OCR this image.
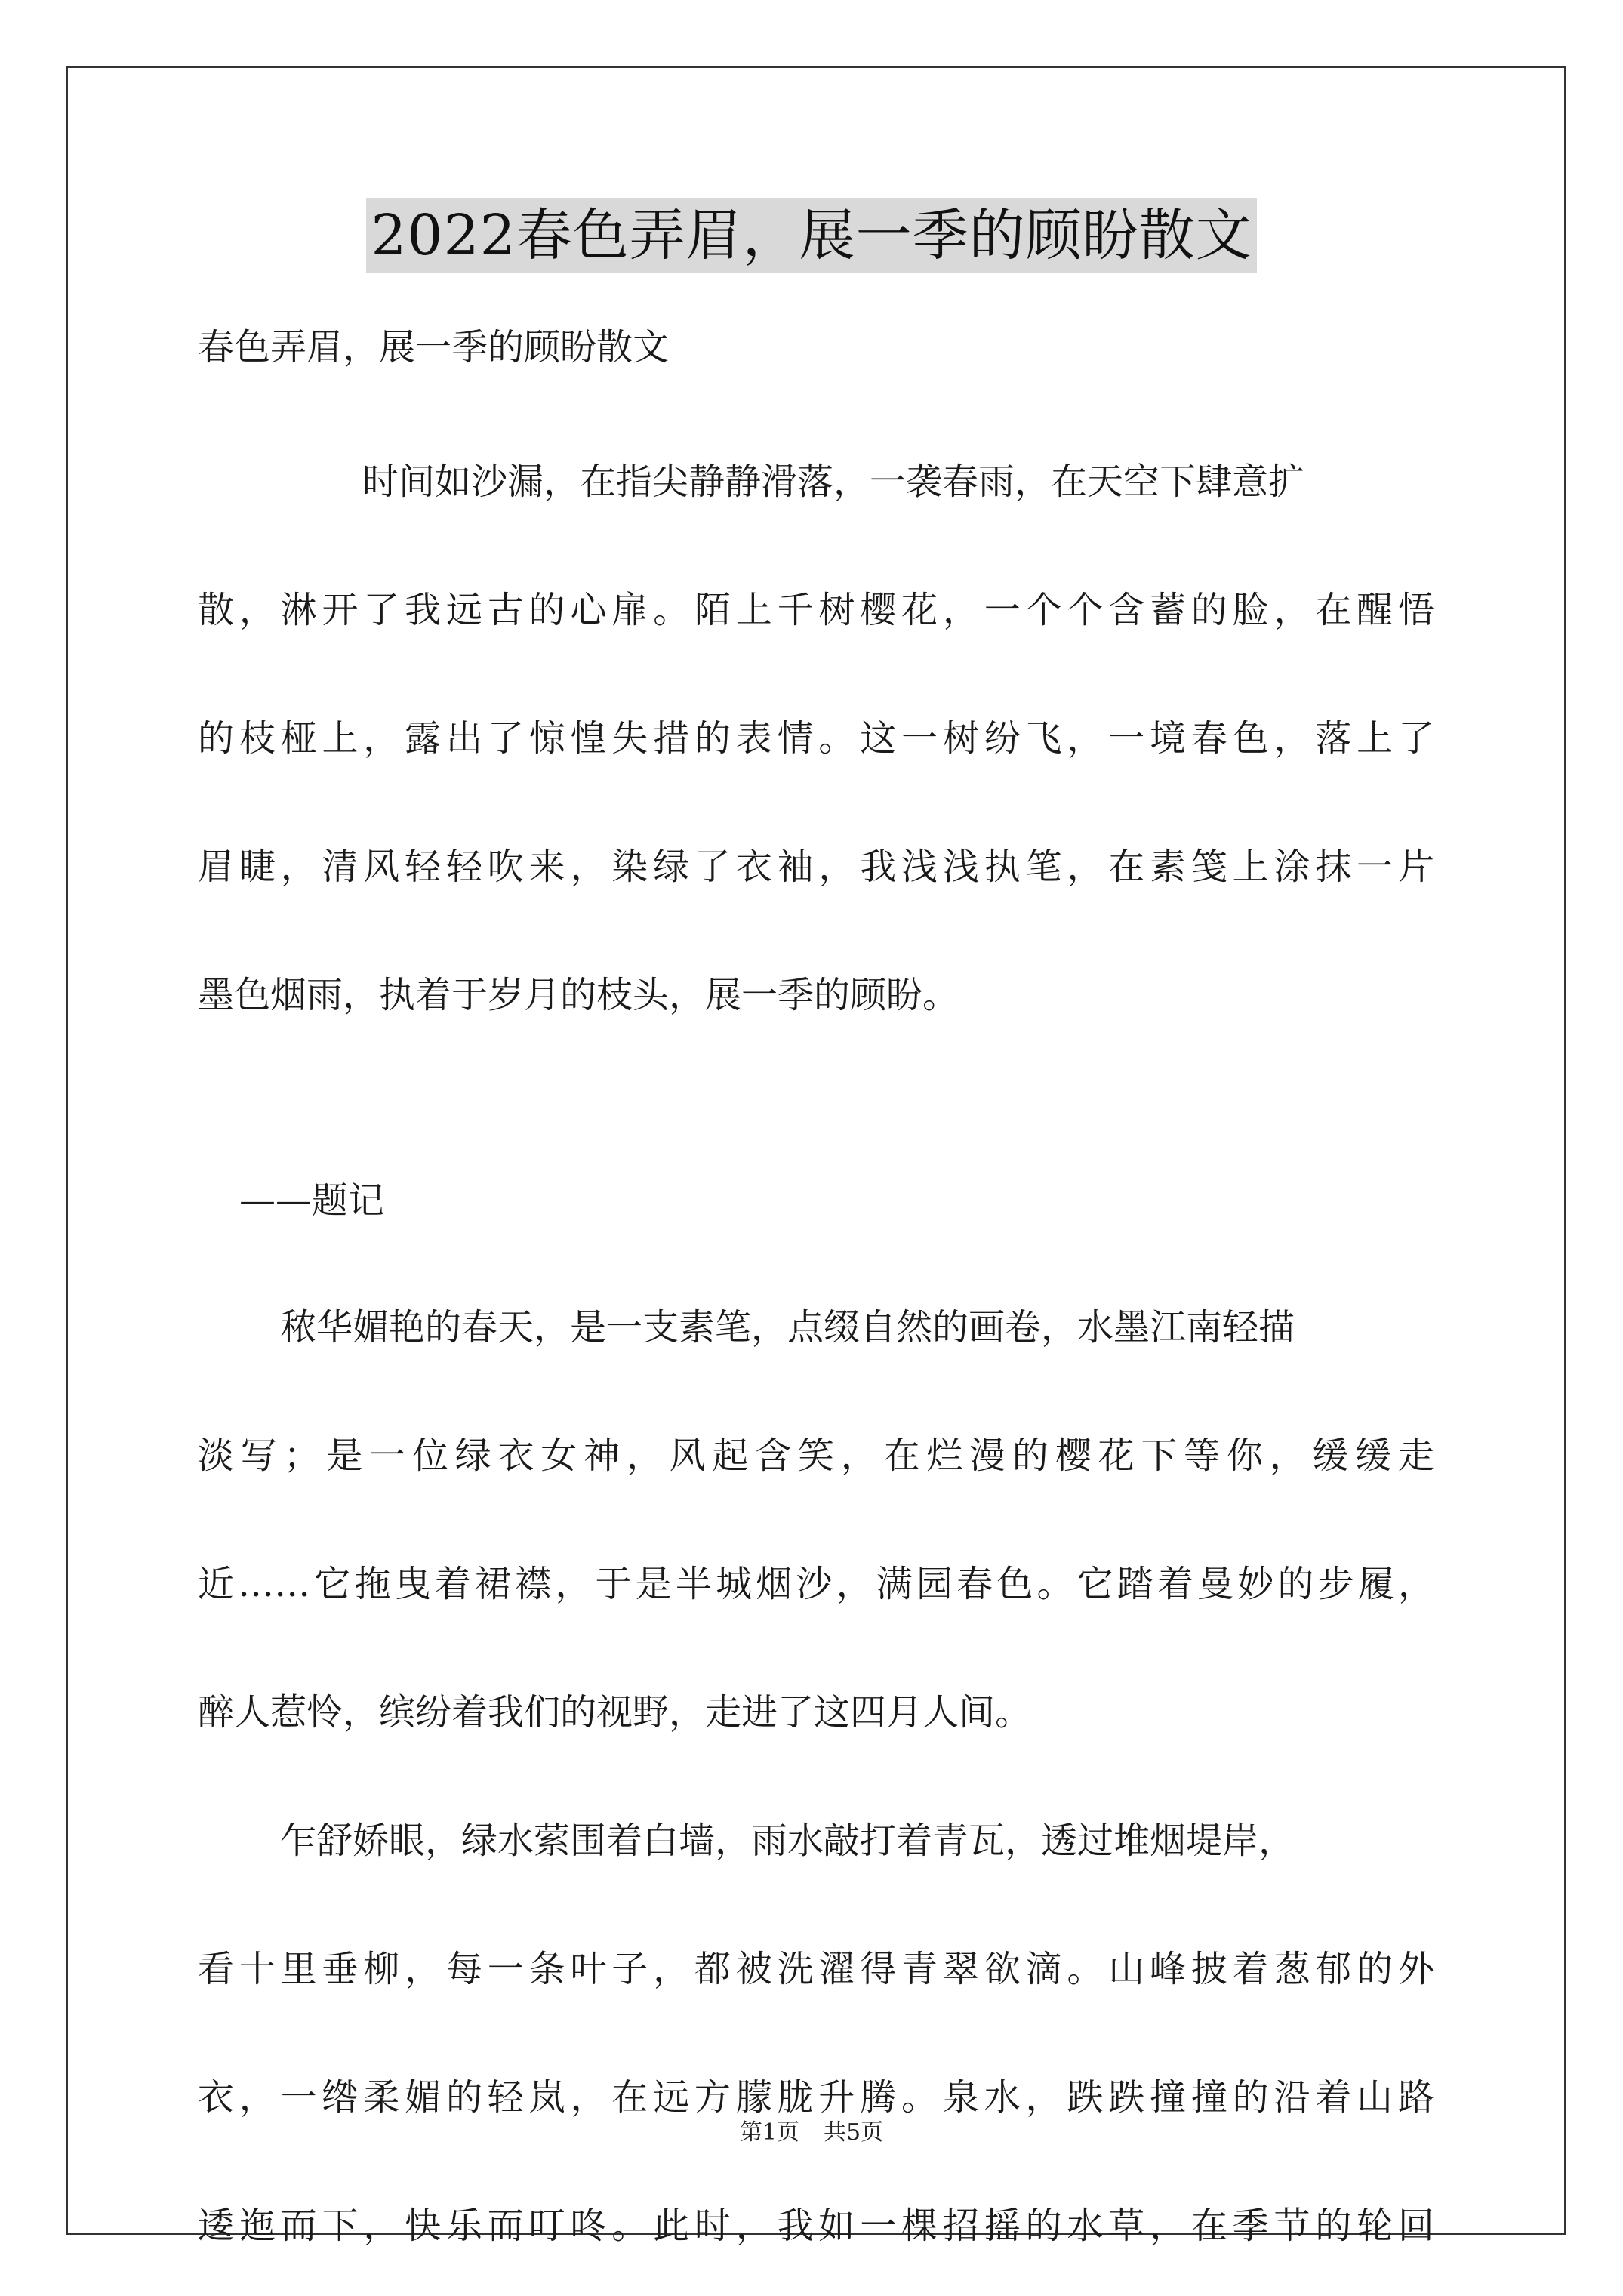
2022春色弄眉，展一季的顾盼散文
春色弄眉，展一季的顾盼散文
时间如沙漏，在指尖静静滑落，一袭春雨，在天空下肆意扩
散，淋开了我远古的心扉。陌上千树樱花，一个个含蓄的脸，在醒悟
的枝桠上，露出了惊惶失措的表情。这一树纷飞，一境春色，落上了
眉睫，清风轻轻吹来，染绿了衣袖，我浅浅执笔，在素笺上涂抹一片
墨色烟雨，执着于岁月的枝头，展一季的顾盼。
——题记
秾华媚艳的春天，是一支素笔，点缀自然的画卷，水墨江南轻描
淡写；是一位绿衣女神，风起含笑，在烂漫的樱花下等你，缓缓走
近……它拖曳着裙襟，于是半城烟沙，满园春色。它踏着曼妙的步履，
醉人惹怜，缤纷着我们的视野，走进了这四月人间。
乍舒娇眼，绿水萦围着白墙，雨水敲打着青瓦，透过堆烟堤岸，
看十里垂柳，每一条叶子，都被洗濯得青翠欲滴。山峰披着葱郁的外
衣，一绺柔媚的轻岚，在远方朦胧升腾。泉水，跌跌撞撞的沿着山路
逶迤而下，快乐而叮咚。此时，我如一棵招摇的水草，在季节的轮回
第1页 共5页
